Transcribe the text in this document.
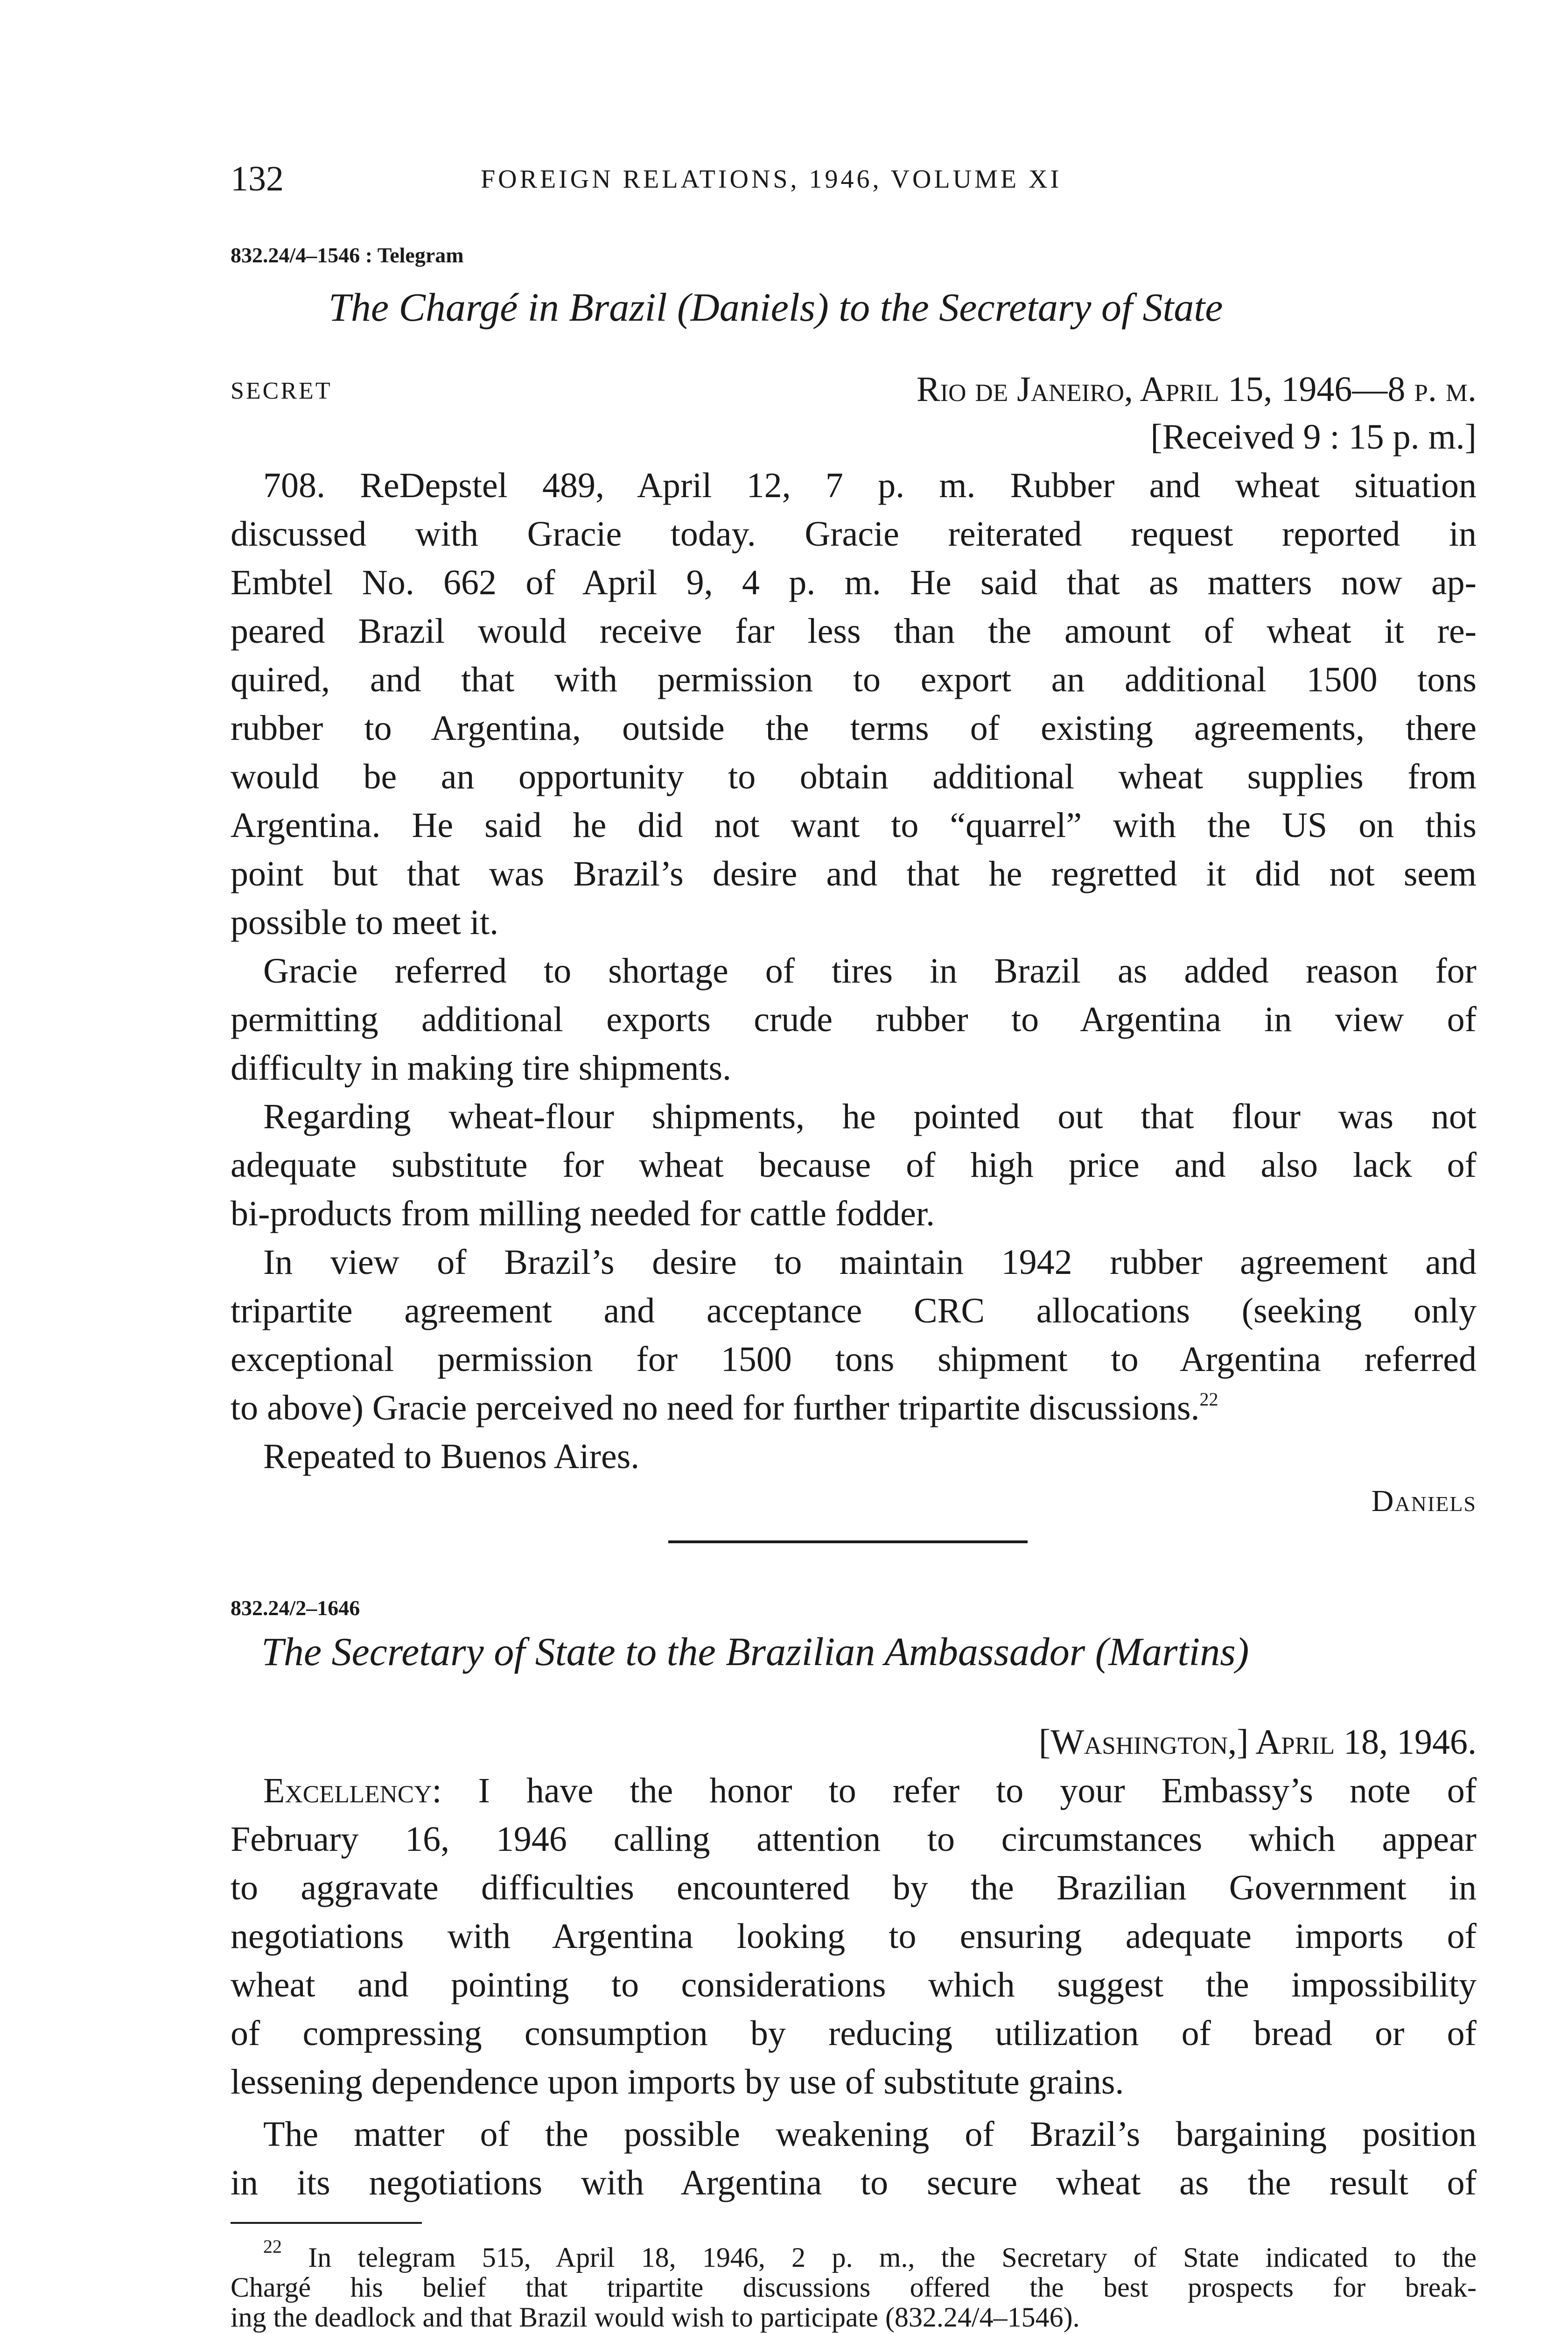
132	FOREIGN RELATIONS, 1946, VOLUME XI
832.24/4–1546 : Telegram
The Chargé in Brazil (Daniels) to the Secretary of State
SECRET	Rio de Janeiro, April 15, 1946—8 p. m.
[Received 9 : 15 p. m.]
708. ReDepstel 489, April 12, 7 p. m. Rubber and wheat situation
discussed with Gracie today. Gracie reiterated request reported in
Embtel No. 662 of April 9, 4 p. m. He said that as matters now ap-
peared Brazil would receive far less than the amount of wheat it re-
quired, and that with permission to export an additional 1500 tons
rubber to Argentina, outside the terms of existing agreements, there
would be an opportunity to obtain additional wheat supplies from
Argentina. He said he did not want to “quarrel” with the US on this
point but that was Brazil’s desire and that he regretted it did not seem
possible to meet it.
Gracie referred to shortage of tires in Brazil as added reason for
permitting additional exports crude rubber to Argentina in view of
difficulty in making tire shipments.
Regarding wheat-flour shipments, he pointed out that flour was not
adequate substitute for wheat because of high price and also lack of
bi-products from milling needed for cattle fodder.
In view of Brazil’s desire to maintain 1942 rubber agreement and
tripartite agreement and acceptance CRC allocations (seeking only
exceptional permission for 1500 tons shipment to Argentina referred
to above) Gracie perceived no need for further tripartite discussions.$^{22}$
Repeated to Buenos Aires.
Daniels
832.24/2–1646
The Secretary of State to the Brazilian Ambassador (Martins)
[Washington,] April 18, 1946.
Excellency: I have the honor to refer to your Embassy’s note of
February 16, 1946 calling attention to circumstances which appear
to aggravate difficulties encountered by the Brazilian Government in
negotiations with Argentina looking to ensuring adequate imports of
wheat and pointing to considerations which suggest the impossibility
of compressing consumption by reducing utilization of bread or of
lessening dependence upon imports by use of substitute grains.
The matter of the possible weakening of Brazil’s bargaining position
in its negotiations with Argentina to secure wheat as the result of
$^{22}$ In telegram 515, April 18, 1946, 2 p. m., the Secretary of State indicated to the
Chargé his belief that tripartite discussions offered the best prospects for break-
ing the deadlock and that Brazil would wish to participate (832.24/4–1546).
